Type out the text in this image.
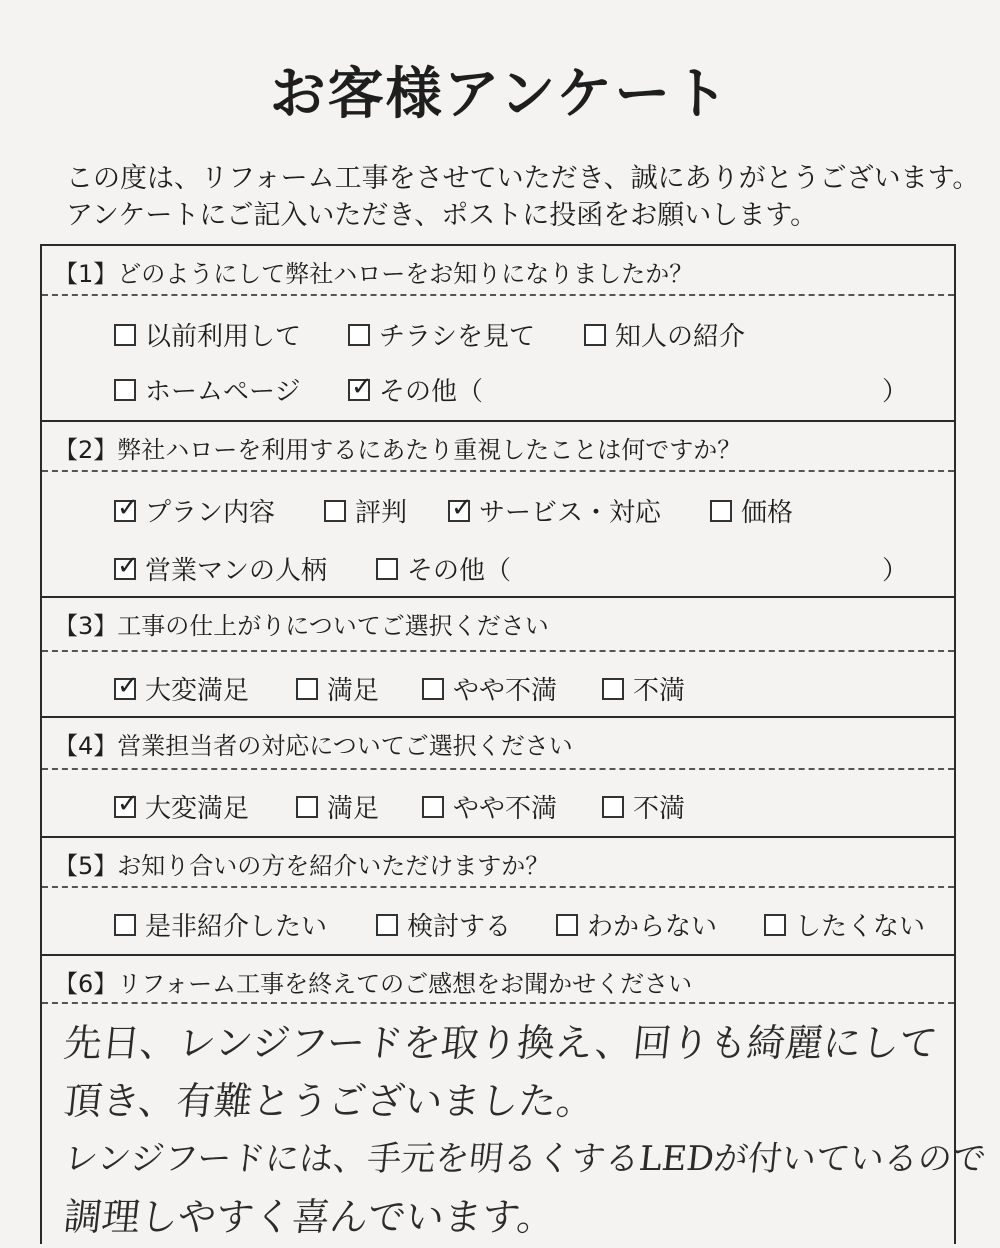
お客様アンケート
この度は、リフォーム工事をさせていただき、誠にありがとうございます。
アンケートにご記入いただき、ポストに投函をお願いします。
【1】どのようにして弊社ハローをお知りになりましたか？
以前利用して	チラシを見て	知人の紹介
ホームページ ✓	その他（	）
【2】弊社ハローを利用するにあたり重視したことは何ですか？
✓
プラン内容	評判 ✓	サービス・対応	価格
✓
営業マンの人柄	その他（	）
【3】工事の仕上がりについてご選択ください
✓
大変満足	満足	やや不満	不満
【4】営業担当者の対応についてご選択ください
✓
大変満足	満足	やや不満	不満
【5】お知り合いの方を紹介いただけますか？
是非紹介したい	検討する	わからない	したくない
【6】リフォーム工事を終えてのご感想をお聞かせください
先日、レンジフードを取り換え、回りも綺麗にして
頂き、有難とうございました。
レンジフードには、手元を明るくするLEDが付いているので
調理しやすく喜んでいます。
